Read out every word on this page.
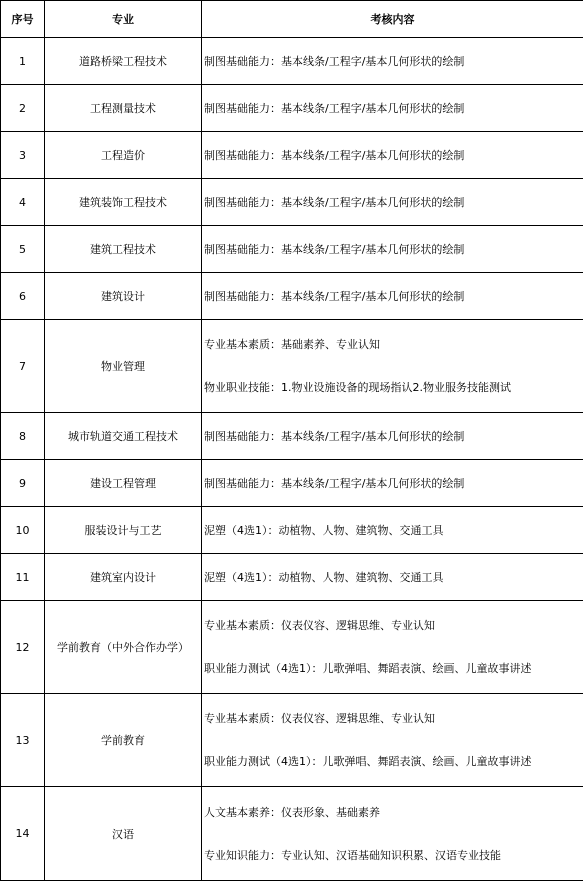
序号	专业	考核内容
1	道路桥梁工程技术	制图基础能力：基本线条/工程字/基本几何形状的绘制

2	工程测量技术	制图基础能力：基本线条/工程字/基本几何形状的绘制

3	工程造价	制图基础能力：基本线条/工程字/基本几何形状的绘制

4	建筑装饰工程技术	制图基础能力：基本线条/工程字/基本几何形状的绘制

5	建筑工程技术	制图基础能力：基本线条/工程字/基本几何形状的绘制

6	建筑设计	制图基础能力：基本线条/工程字/基本几何形状的绘制

7	物业管理	专业基本素质：基础素养、专业认知
物业职业技能：1.物业设施设备的现场指认2.物业服务技能测试

8	城市轨道交通工程技术	制图基础能力：基本线条/工程字/基本几何形状的绘制

9	建设工程管理	制图基础能力：基本线条/工程字/基本几何形状的绘制

10	服装设计与工艺	泥塑（4选1）：动植物、人物、建筑物、交通工具

11	建筑室内设计	泥塑（4选1）：动植物、人物、建筑物、交通工具

12	学前教育（中外合作办学）	专业基本素质：仪表仪容、逻辑思维、专业认知
职业能力测试（4选1）：儿歌弹唱、舞蹈表演、绘画、儿童故事讲述

13	学前教育	专业基本素质：仪表仪容、逻辑思维、专业认知
职业能力测试（4选1）：儿歌弹唱、舞蹈表演、绘画、儿童故事讲述

14	汉语	人文基本素养：仪表形象、基础素养
专业知识能力：专业认知、汉语基础知识积累、汉语专业技能
